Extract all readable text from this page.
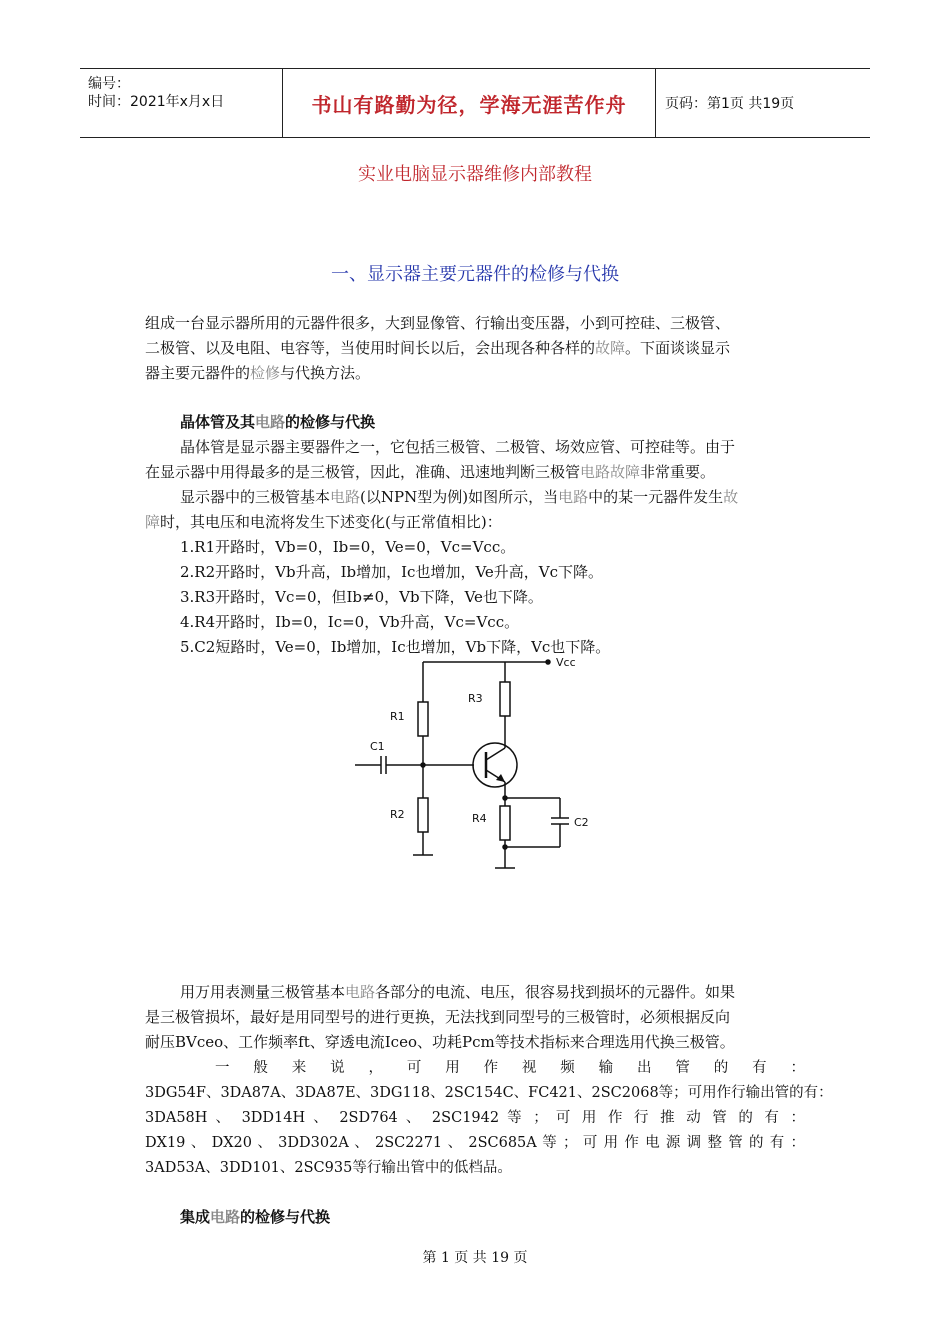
编号：
时间：2021年x月x日	书山有路勤为径，学海无涯苦作舟	页码：第1页 共19页
实业电脑显示器维修内部教程
一、显示器主要元器件的检修与代换
组成一台显示器所用的元器件很多，大到显像管、行输出变压器，小到可控硅、三极管、
二极管、以及电阻、电容等，当使用时间长以后，会出现各种各样的故障。下面谈谈显示
器主要元器件的检修与代换方法。
晶体管及其电路的检修与代换
晶体管是显示器主要器件之一，它包括三极管、二极管、场效应管、可控硅等。由于
在显示器中用得最多的是三极管，因此，准确、迅速地判断三极管电路故障非常重要。
显示器中的三极管基本电路(以NPN型为例)如图所示，当电路中的某一元器件发生故
障时，其电压和电流将发生下述变化(与正常值相比)：
1.R1开路时，Vb=0，Ib=0，Ve=0，Vc=Vcc。
2.R2开路时，Vb升高，Ib增加，Ic也增加，Ve升高，Vc下降。
3.R3开路时，Vc=0，但Ib≠0，Vb下降，Ve也下降。
4.R4开路时，Ib=0，Ic=0，Vb升高，Vc=Vcc。
5.C2短路时，Ve=0，Ib增加，Ic也增加，Vb下降，Vc也下降。
Vcc
R1
R2
R3
R4
C1
C2
用万用表测量三极管基本电路各部分的电流、电压，很容易找到损坏的元器件。如果
是三极管损坏，最好是用同型号的进行更换，无法找到同型号的三极管时，必须根据反向
耐压BVceo、工作频率ft、穿透电流Iceo、功耗Pcm等技术指标来合理选用代换三极管。
一 般 来 说 ， 可 用 作 视 频 输 出 管 的 有 ：
3DG54F、3DA87A、3DA87E、3DG118、2SC154C、FC421、2SC2068等；可用作行输出管的有：
3DA58H 、 3DD14H 、 2SD764 、 2SC1942 等 ； 可 用 作 行 推 动 管 的 有 ：
DX19 、 DX20 、 3DD302A 、 2SC2271 、 2SC685A 等 ； 可 用 作 电 源 调 整 管 的 有 ：
3AD53A、3DD101、2SC935等行输出管中的低档品。
集成电路的检修与代换
第 1 页 共 19 页
